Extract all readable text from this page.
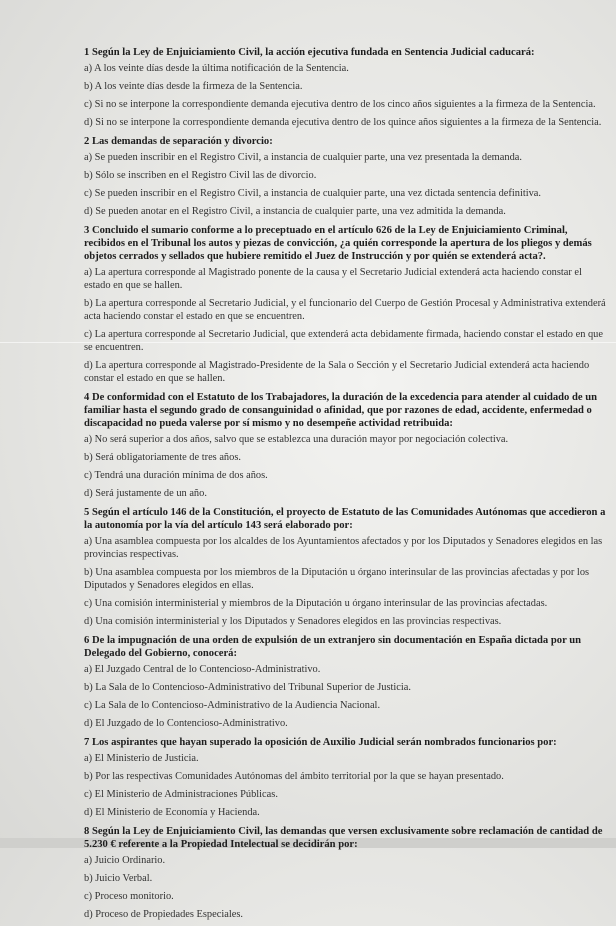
1 Según la Ley de Enjuiciamiento Civil, la acción ejecutiva fundada en Sentencia Judicial caducará:
a) A los veinte días desde la última notificación de la Sentencia.
b) A los veinte días desde la firmeza de la Sentencia.
c) Si no se interpone la correspondiente demanda ejecutiva dentro de los cinco años siguientes a la firmeza de la Sentencia.
d) Si no se interpone la correspondiente demanda ejecutiva dentro de los quince años siguientes a la firmeza de la Sentencia.
2 Las demandas de separación y divorcio:
a) Se pueden inscribir en el Registro Civil, a instancia de cualquier parte, una vez presentada la demanda.
b) Sólo se inscriben en el Registro Civil las de divorcio.
c) Se pueden inscribir en el Registro Civil, a instancia de cualquier parte, una vez dictada sentencia definitiva.
d) Se pueden anotar en el Registro Civil, a instancia de cualquier parte, una vez admitida la demanda.
3 Concluido el sumario conforme a lo preceptuado en el artículo 626 de la Ley de Enjuiciamiento Criminal, recibidos en el Tribunal los autos y piezas de convicción, ¿a quién corresponde la apertura de los pliegos y demás objetos cerrados y sellados que hubiere remitido el Juez de Instrucción y por quién se extenderá acta?.
a) La apertura corresponde al Magistrado ponente de la causa y el Secretario Judicial extenderá acta haciendo constar el estado en que se hallen.
b) La apertura corresponde al Secretario Judicial, y el funcionario del Cuerpo de Gestión Procesal y Administrativa extenderá acta haciendo constar el estado en que se encuentren.
c) La apertura corresponde al Secretario Judicial, que extenderá acta debidamente firmada, haciendo constar el estado en que se encuentren.
d) La apertura corresponde al Magistrado-Presidente de la Sala o Sección y el Secretario Judicial extenderá acta haciendo constar el estado en que se hallen.
4 De conformidad con el Estatuto de los Trabajadores, la duración de la excedencia para atender al cuidado de un familiar hasta el segundo grado de consanguinidad o afinidad, que por razones de edad, accidente, enfermedad o discapacidad no pueda valerse por sí mismo y no desempeñe actividad retribuida:
a) No será superior a dos años, salvo que se establezca una duración mayor por negociación colectiva.
b) Será obligatoriamente de tres años.
c) Tendrá una duración mínima de dos años.
d) Será justamente de un año.
5 Según el artículo 146 de la Constitución, el proyecto de Estatuto de las Comunidades Autónomas que accedieron a la autonomía por la vía del artículo 143 será elaborado por:
a) Una asamblea compuesta por los alcaldes de los Ayuntamientos afectados y por los Diputados y Senadores elegidos en las provincias respectivas.
b) Una asamblea compuesta por los miembros de la Diputación u órgano interinsular de las provincias afectadas y por los Diputados y Senadores elegidos en ellas.
c) Una comisión interministerial y miembros de la Diputación u órgano interinsular de las provincias afectadas.
d) Una comisión interministerial y los Diputados y Senadores elegidos en las provincias respectivas.
6 De la impugnación de una orden de expulsión de un extranjero sin documentación en España dictada por un Delegado del Gobierno, conocerá:
a) El Juzgado Central de lo Contencioso-Administrativo.
b) La Sala de lo Contencioso-Administrativo del Tribunal Superior de Justicia.
c) La Sala de lo Contencioso-Administrativo de la Audiencia Nacional.
d) El Juzgado de lo Contencioso-Administrativo.
7 Los aspirantes que hayan superado la oposición de Auxilio Judicial serán nombrados funcionarios por:
a) El Ministerio de Justicia.
b) Por las respectivas Comunidades Autónomas del ámbito territorial por la que se hayan presentado.
c) El Ministerio de Administraciones Públicas.
d) El Ministerio de Economía y Hacienda.
8 Según la Ley de Enjuiciamiento Civil, las demandas que versen exclusivamente sobre reclamación de cantidad de 5.230 € referente a la Propiedad Intelectual se decidirán por:
a) Juicio Ordinario.
b) Juicio Verbal.
c) Proceso monitorio.
d) Proceso de Propiedades Especiales.
